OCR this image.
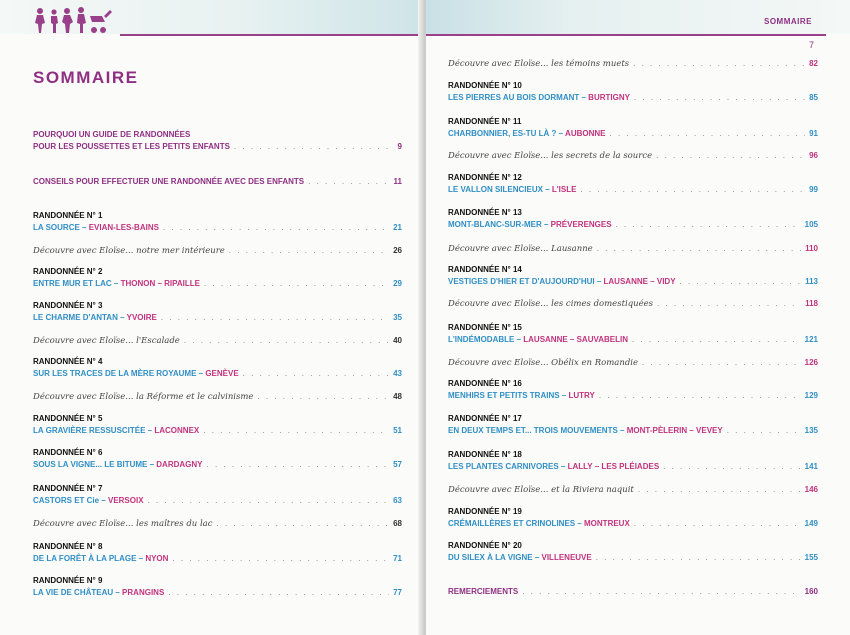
SOMMAIRE
POURQUOI UN GUIDE DE RANDONNÉES
POUR LES POUSSETTES ET LES PETITS ENFANTS . . .	9
CONSEILS POUR EFFECTUER UNE RANDONNÉE AVEC DES ENFANTS . . .	11
RANDONNÉE N° 1
LA SOURCE – EVIAN-LES-BAINS . . .	21
Découvre avec Eloïse... notre mer intérieure . . .	26
RANDONNÉE N° 2
ENTRE MUR ET LAC – THONON – RIPAILLE . . .	29
RANDONNÉE N° 3
LE CHARME D'ANTAN – YVOIRE . . .	35
Découvre avec Eloïse... l'Escalade . . .	40
RANDONNÉE N° 4
SUR LES TRACES DE LA MÈRE ROYAUME – GENÈVE . . .	43
Découvre avec Eloïse... la Réforme et le calvinisme . . .	48
RANDONNÉE N° 5
LA GRAVIÈRE RESSUSCITÉE – LACONNEX . . .	51
RANDONNÉE N° 6
SOUS LA VIGNE... LE BITUME – DARDAGNY . . .	57
RANDONNÉE N° 7
CASTORS ET Cie – VERSOIX . . .	63
Découvre avec Eloïse... les maîtres du lac . . .	68
RANDONNÉE N° 8
DE LA FORÊT À LA PLAGE – NYON . . .	71
RANDONNÉE N° 9
LA VIE DE CHÂTEAU – PRANGINS . . .	77
SOMMAIRE
7
Découvre avec Eloïse... les témoins muets . . .	82
RANDONNÉE N° 10
LES PIERRES AU BOIS DORMANT – BURTIGNY . . .	85
RANDONNÉE N° 11
CHARBONNIER, ES-TU LÀ ? – AUBONNE . . .	91
Découvre avec Eloïse... les secrets de la source . . .	96
RANDONNÉE N° 12
LE VALLON SILENCIEUX – L'ISLE . . .	99
RANDONNÉE N° 13
MONT-BLANC-SUR-MER – PRÉVERENGES . . .	105
Découvre avec Eloïse... Lausanne . . .	110
RANDONNÉE N° 14
VESTIGES D'HIER ET D'AUJOURD'HUI – LAUSANNE – VIDY . . .	113
Découvre avec Eloïse... les cimes domestiquées . . .	118
RANDONNÉE N° 15
L'INDÉMODABLE – LAUSANNE – SAUVABELIN . . .	121
Découvre avec Eloïse... Obélix en Romandie . . .	126
RANDONNÉE N° 16
MENHIRS ET PETITS TRAINS – LUTRY . . .	129
RANDONNÉE N° 17
EN DEUX TEMPS ET... TROIS MOUVEMENTS – MONT-PÈLERIN – VEVEY . . .	135
RANDONNÉE N° 18
LES PLANTES CARNIVORES – LALLY – LES PLÉIADES . . .	141
Découvre avec Eloïse... et la Riviera naquit . . .	146
RANDONNÉE N° 19
CRÉMAILLÈRES ET CRINOLINES – MONTREUX . . .	149
RANDONNÉE N° 20
DU SILEX À LA VIGNE – VILLENEUVE . . .	155
REMERCIEMENTS . . .	160
